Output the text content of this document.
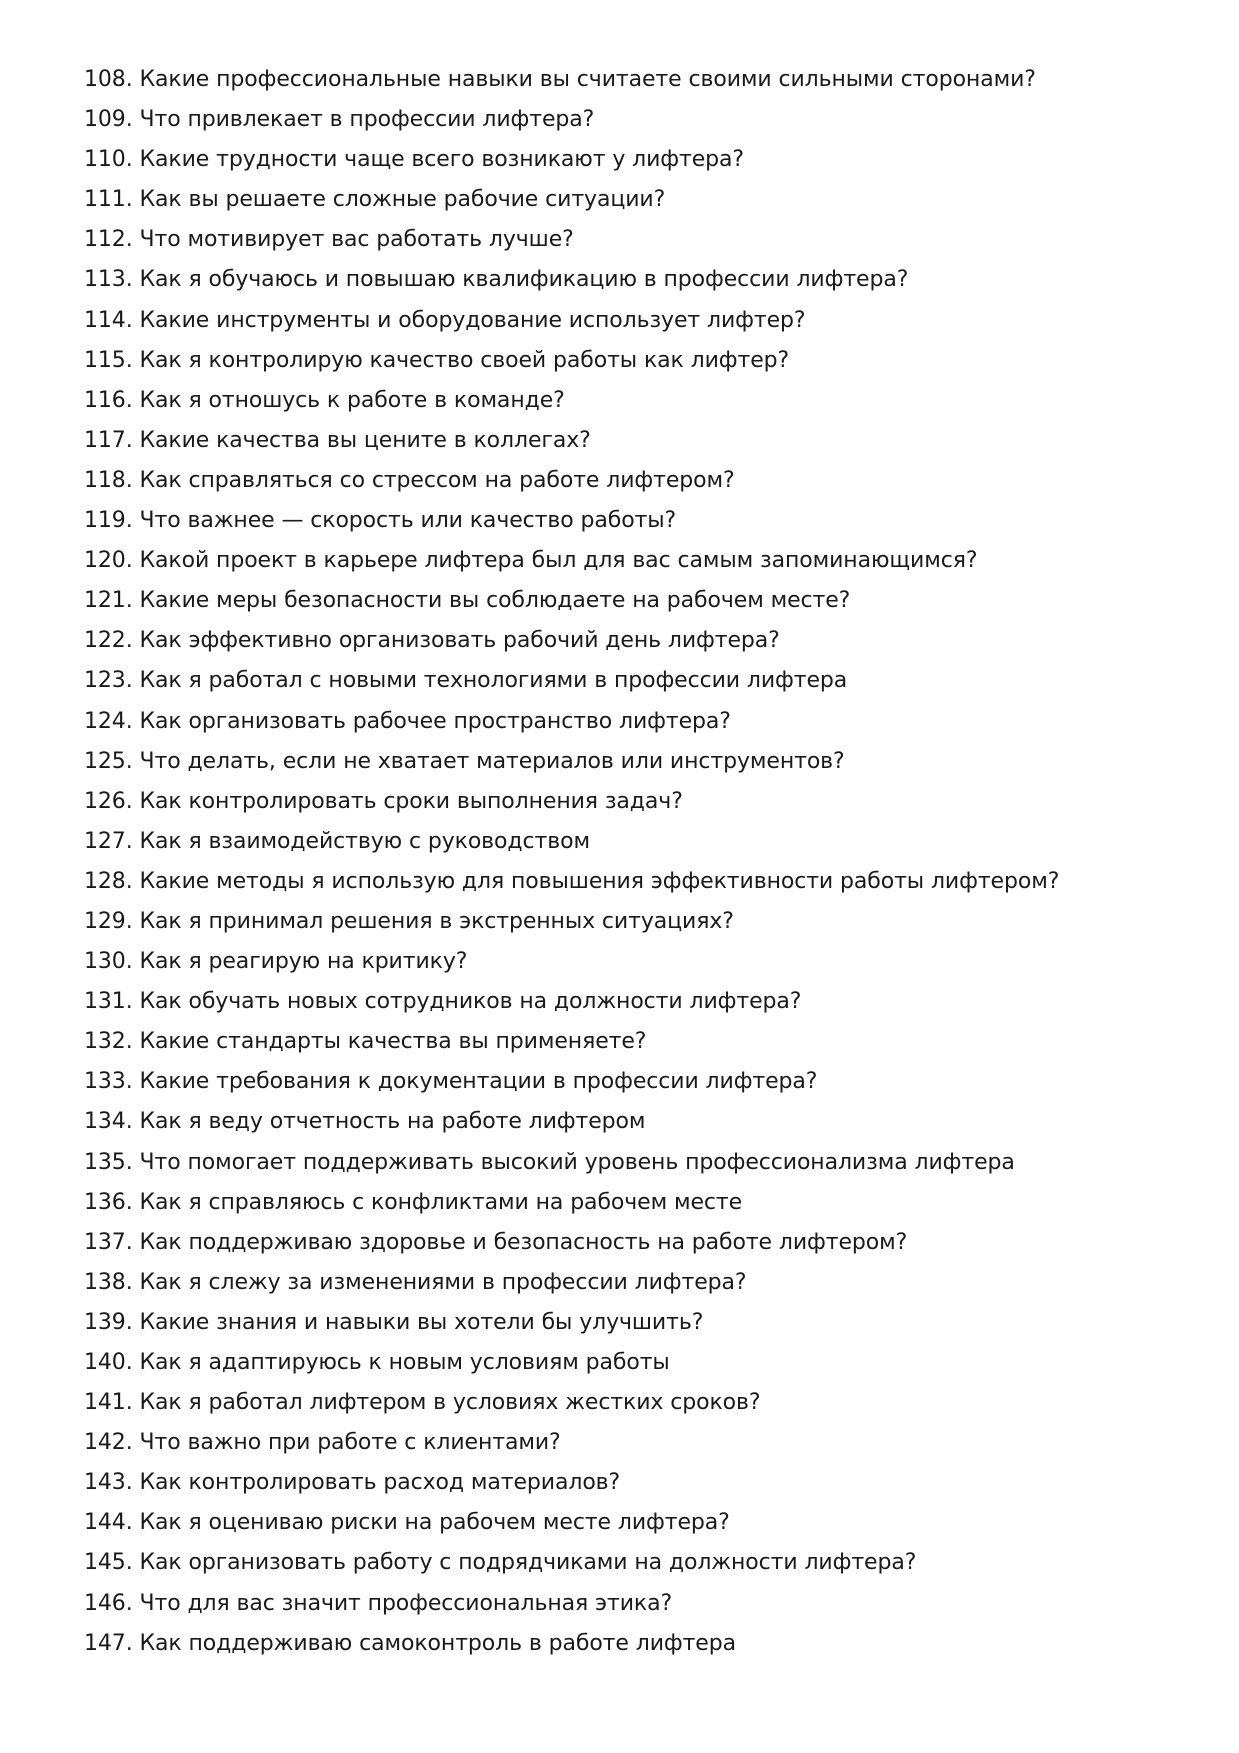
108. Какие профессиональные навыки вы считаете своими сильными сторонами?
109. Что привлекает в профессии лифтера?
110. Какие трудности чаще всего возникают у лифтера?
111. Как вы решаете сложные рабочие ситуации?
112. Что мотивирует вас работать лучше?
113. Как я обучаюсь и повышаю квалификацию в профессии лифтера?
114. Какие инструменты и оборудование использует лифтер?
115. Как я контролирую качество своей работы как лифтер?
116. Как я отношусь к работе в команде?
117. Какие качества вы цените в коллегах?
118. Как справляться со стрессом на работе лифтером?
119. Что важнее — скорость или качество работы?
120. Какой проект в карьере лифтера был для вас самым запоминающимся?
121. Какие меры безопасности вы соблюдаете на рабочем месте?
122. Как эффективно организовать рабочий день лифтера?
123. Как я работал с новыми технологиями в профессии лифтера
124. Как организовать рабочее пространство лифтера?
125. Что делать, если не хватает материалов или инструментов?
126. Как контролировать сроки выполнения задач?
127. Как я взаимодействую с руководством
128. Какие методы я использую для повышения эффективности работы лифтером?
129. Как я принимал решения в экстренных ситуациях?
130. Как я реагирую на критику?
131. Как обучать новых сотрудников на должности лифтера?
132. Какие стандарты качества вы применяете?
133. Какие требования к документации в профессии лифтера?
134. Как я веду отчетность на работе лифтером
135. Что помогает поддерживать высокий уровень профессионализма лифтера
136. Как я справляюсь с конфликтами на рабочем месте
137. Как поддерживаю здоровье и безопасность на работе лифтером?
138. Как я слежу за изменениями в профессии лифтера?
139. Какие знания и навыки вы хотели бы улучшить?
140. Как я адаптируюсь к новым условиям работы
141. Как я работал лифтером в условиях жестких сроков?
142. Что важно при работе с клиентами?
143. Как контролировать расход материалов?
144. Как я оцениваю риски на рабочем месте лифтера?
145. Как организовать работу с подрядчиками на должности лифтера?
146. Что для вас значит профессиональная этика?
147. Как поддерживаю самоконтроль в работе лифтера
